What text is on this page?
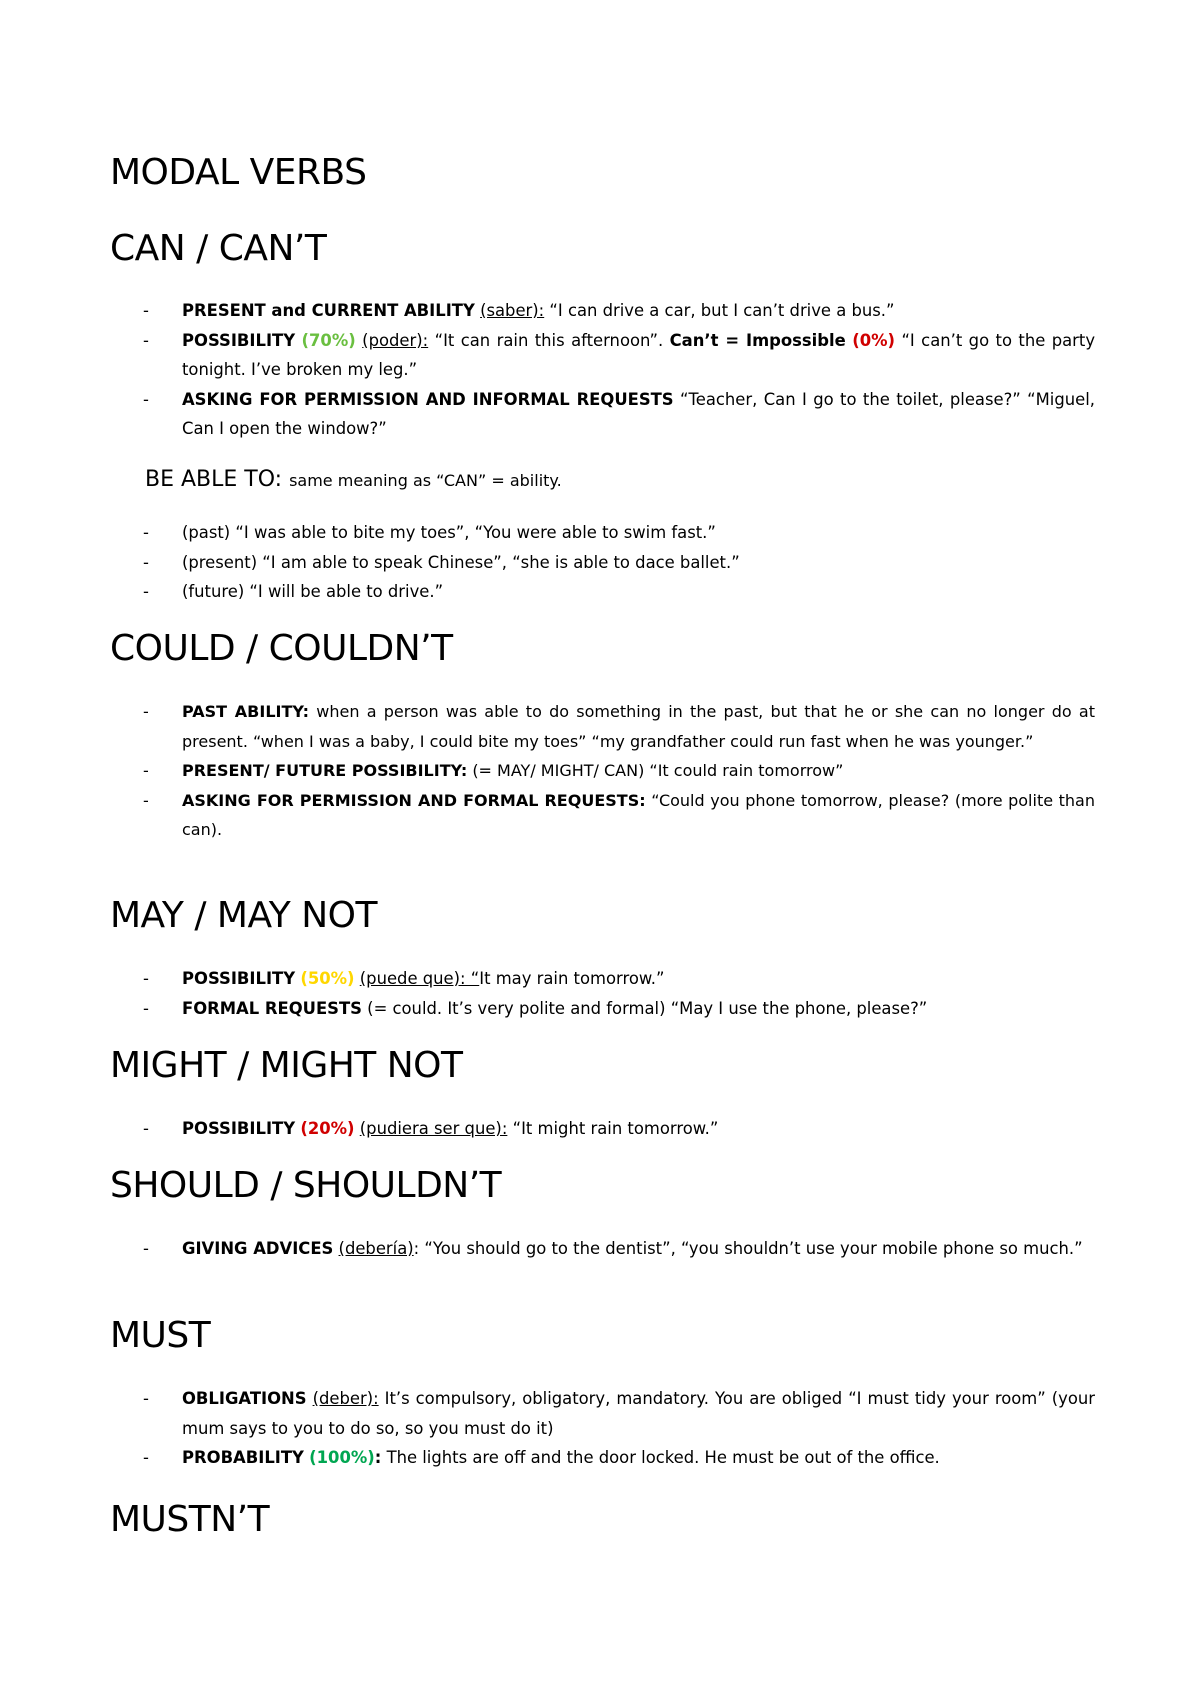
MODAL VERBS
CAN / CAN’T
- PRESENT and CURRENT ABILITY (saber): “I can drive a car, but I can’t drive a bus.”
- POSSIBILITY (70%) (poder): “It can rain this afternoon”. Can’t = Impossible (0%) “I can’t go to the party tonight. I’ve broken my leg.”
- ASKING FOR PERMISSION AND INFORMAL REQUESTS “Teacher, Can I go to the toilet, please?” “Miguel, Can I open the window?”
BE ABLE TO: same meaning as “CAN” = ability.
- (past) “I was able to bite my toes”, “You were able to swim fast.”
- (present) “I am able to speak Chinese”, “she is able to dace ballet.”
- (future) “I will be able to drive.”
COULD / COULDN’T
- PAST ABILITY: when a person was able to do something in the past, but that he or she can no longer do at present. “when I was a baby, I could bite my toes” “my grandfather could run fast when he was younger.”
- PRESENT/ FUTURE POSSIBILITY: (= MAY/ MIGHT/ CAN) “It could rain tomorrow”
- ASKING FOR PERMISSION AND FORMAL REQUESTS: “Could you phone tomorrow, please? (more polite than can).
MAY / MAY NOT
- POSSIBILITY (50%) (puede que): “It may rain tomorrow.”
- FORMAL REQUESTS (= could. It’s very polite and formal) “May I use the phone, please?”
MIGHT / MIGHT NOT
- POSSIBILITY (20%) (pudiera ser que): “It might rain tomorrow.”
SHOULD / SHOULDN’T
- GIVING ADVICES (debería): “You should go to the dentist”, “you shouldn’t use your mobile phone so much.”
MUST
- OBLIGATIONS (deber): It’s compulsory, obligatory, mandatory. You are obliged “I must tidy your room” (your mum says to you to do so, so you must do it)
- PROBABILITY (100%): The lights are off and the door locked. He must be out of the office.
MUSTN’T
